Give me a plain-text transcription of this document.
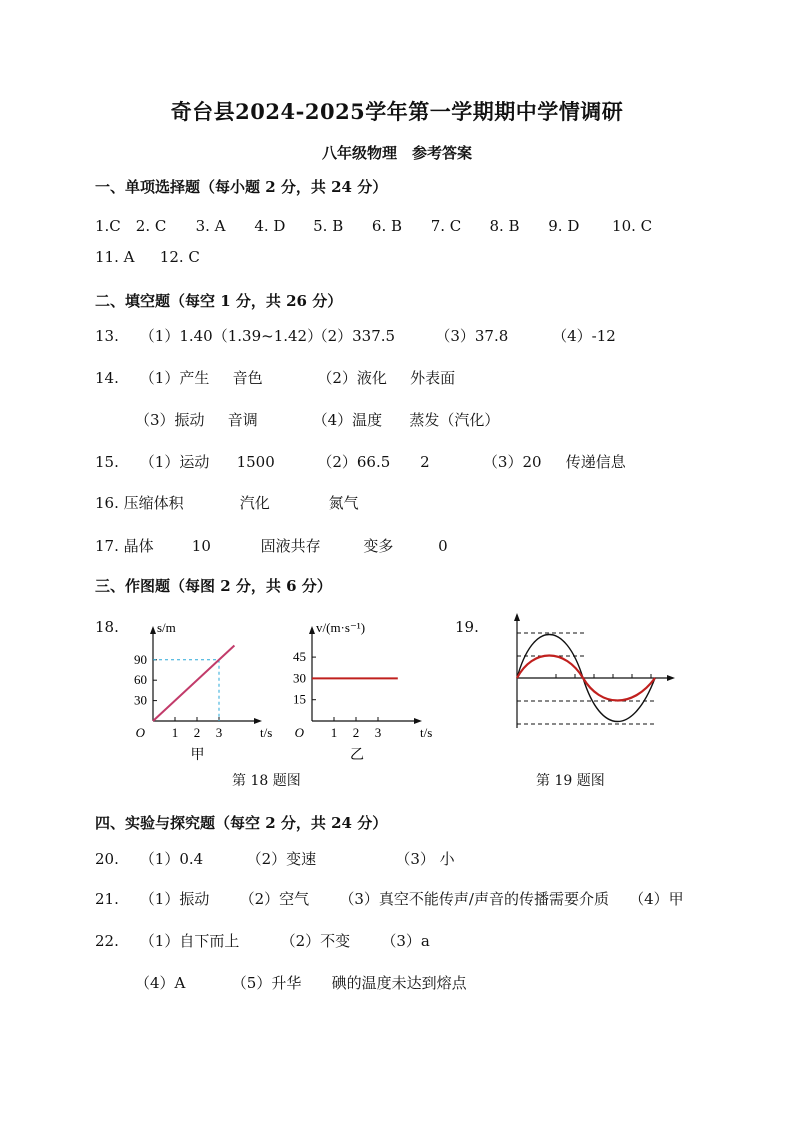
奇台县2024-2025学年第一学期期中学情调研
八年级物理　参考答案
一、单项选择题（每小题 2 分，共 24 分）
1.C 2. C 3. A 4. D 5. B 6. B 7. C 8. B 9. D 10. C
11. A 12. C
二、填空题（每空 1 分，共 26 分）
13. （1）1.40（1.39~1.42） （2）337.5	（3）37.8	（4）-12
14. （1）产生 音色	（2）液化 外表面
（3）振动 音调	（4）温度 蒸发（汽化）
15. （1）运动 1500	（2）66.5 2	（3）20 传递信息
16. 压缩体积	汽化	氮气
17. 晶体	10	固液共存	变多	0
三、作图题（每图 2 分，共 6 分）
18.	19.
1 2 3
90
60
30
O	t/s
s/m
甲
1 2 3
45
30
15
O	t/s
v/(m·s⁻¹)
乙
第 18 题图	第 19 题图
四、实验与探究题（每空 2 分，共 24 分）
20. （1）0.4	（2）变速	（3） 小
21. （1）振动 （2）空气 （3）真空不能传声/声音的传播需要介质 （4）甲
22. （1）自下而上	（2）不变 （3）a
（4）A	（5）升华 碘的温度未达到熔点
